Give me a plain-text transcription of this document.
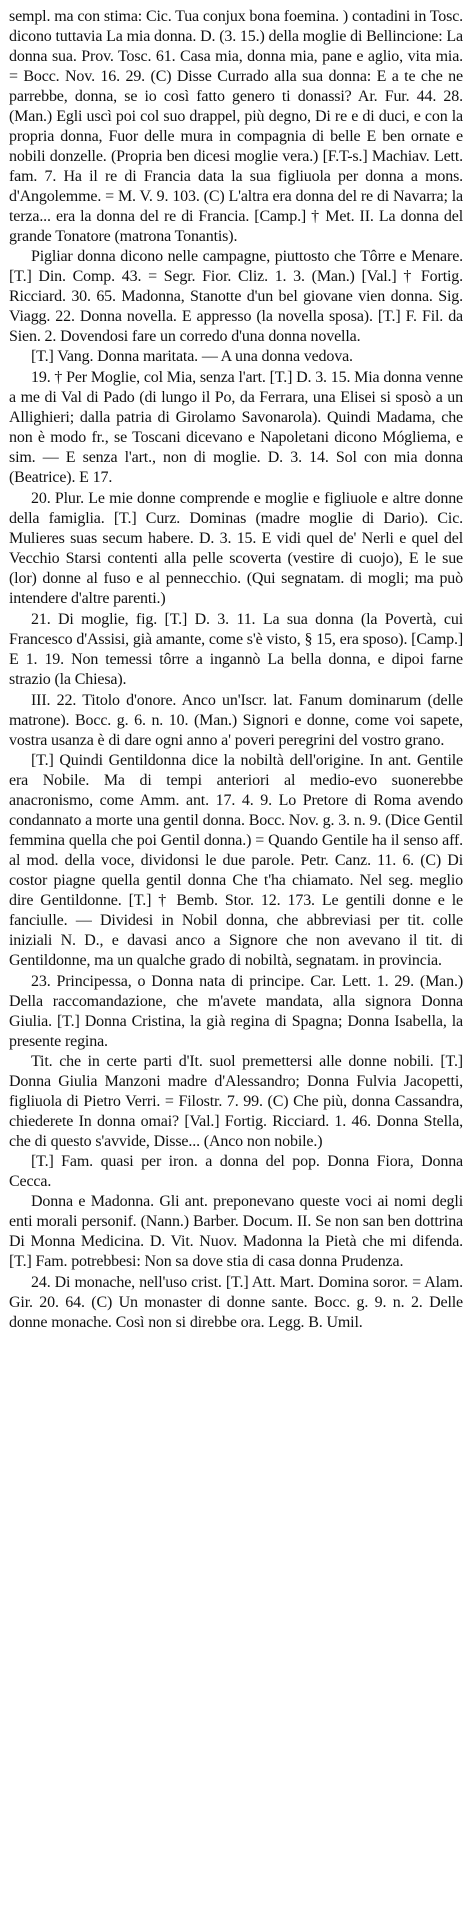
sempl. ma con stima: Cic. Tua conjux bona foemina. ) contadini in Tosc. dicono tuttavia La mia donna. D. (3. 15.) della moglie di Bellincione: La donna sua. Prov. Tosc. 61. Casa mia, donna mia, pane e aglio, vita mia. = Bocc. Nov. 16. 29. (C) Disse Currado alla sua donna: E a te che ne parrebbe, donna, se io così fatto genero ti donassi? Ar. Fur. 44. 28. (Man.) Egli uscì poi col suo drappel, più degno, Di re e di duci, e con la propria donna, Fuor delle mura in compagnia di belle E ben ornate e nobili donzelle. (Propria ben dicesi moglie vera.) [F.T-s.] Machiav. Lett. fam. 7. Ha il re di Francia data la sua figliuola per donna a mons. d'Angolemme. = M. V. 9. 103. (C) L'altra era donna del re di Navarra; la terza... era la donna del re di Francia. [Camp.] † Met. II. La donna del grande Tonatore (matrona Tonantis).

Pigliar donna dicono nelle campagne, piuttosto che Tôrre e Menare. [T.] Din. Comp. 43. = Segr. Fior. Cliz. 1. 3. (Man.) [Val.] † Fortig. Ricciard. 30. 65. Madonna, Stanotte d'un bel giovane vien donna. Sig. Viagg. 22. Donna novella. E appresso (la novella sposa). [T.] F. Fil. da Sien. 2. Dovendosi fare un corredo d'una donna novella.

[T.] Vang. Donna maritata. — A una donna vedova.

19. † Per Moglie, col Mia, senza l'art. [T.] D. 3. 15. Mia donna venne a me di Val di Pado (di lungo il Po, da Ferrara, una Elisei si sposò a un Allighieri; dalla patria di Girolamo Savonarola). Quindi Madama, che non è modo fr., se Toscani dicevano e Napoletani dicono Mógliema, e sim. — E senza l'art., non di moglie. D. 3. 14. Sol con mia donna (Beatrice). E 17.

20. Plur. Le mie donne comprende e moglie e figliuole e altre donne della famiglia. [T.] Curz. Dominas (madre moglie di Dario). Cic. Mulieres suas secum habere. D. 3. 15. E vidi quel de' Nerli e quel del Vecchio Starsi contenti alla pelle scoverta (vestire di cuojo), E le sue (lor) donne al fuso e al pennecchio. (Qui segnatam. di mogli; ma può intendere d'altre parenti.)

21. Di moglie, fig. [T.] D. 3. 11. La sua donna (la Povertà, cui Francesco d'Assisi, già amante, come s'è visto, § 15, era sposo). [Camp.] E 1. 19. Non temessi tôrre a ingannò La bella donna, e dipoi farne strazio (la Chiesa).

III. 22. Titolo d'onore. Anco un'Iscr. lat. Fanum dominarum (delle matrone). Bocc. g. 6. n. 10. (Man.) Signori e donne, come voi sapete, vostra usanza è di dare ogni anno a' poveri peregrini del vostro grano.

[T.] Quindi Gentildonna dice la nobiltà dell'origine. In ant. Gentile era Nobile. Ma di tempi anteriori al medio-evo suonerebbe anacronismo, come Amm. ant. 17. 4. 9. Lo Pretore di Roma avendo condannato a morte una gentil donna. Bocc. Nov. g. 3. n. 9. (Dice Gentil femmina quella che poi Gentil donna.) = Quando Gentile ha il senso aff. al mod. della voce, dividonsi le due parole. Petr. Canz. 11. 6. (C) Di costor piagne quella gentil donna Che t'ha chiamato. Nel seg. meglio dire Gentildonne. [T.] † Bemb. Stor. 12. 173. Le gentili donne e le fanciulle. — Dividesi in Nobil donna, che abbreviasi per tit. colle iniziali N. D., e davasi anco a Signore che non avevano il tit. di Gentildonne, ma un qualche grado di nobiltà, segnatam. in provincia.

23. Principessa, o Donna nata di principe. Car. Lett. 1. 29. (Man.) Della raccomandazione, che m'avete mandata, alla signora Donna Giulia. [T.] Donna Cristina, la già regina di Spagna; Donna Isabella, la presente regina.

Tit. che in certe parti d'It. suol premettersi alle donne nobili. [T.] Donna Giulia Manzoni madre d'Alessandro; Donna Fulvia Jacopetti, figliuola di Pietro Verri. = Filostr. 7. 99. (C) Che più, donna Cassandra, chiederete In donna omai? [Val.] Fortig. Ricciard. 1. 46. Donna Stella, che di questo s'avvide, Disse... (Anco non nobile.)

[T.] Fam. quasi per iron. a donna del pop. Donna Fiora, Donna Cecca.

Donna e Madonna. Gli ant. preponevano queste voci ai nomi degli enti morali personif. (Nann.) Barber. Docum. II. Se non san ben dottrina Di Monna Medicina. D. Vit. Nuov. Madonna la Pietà che mi difenda. [T.] Fam. potrebbesi: Non sa dove stia di casa donna Prudenza.

24. Di monache, nell'uso crist. [T.] Att. Mart. Domina soror. = Alam. Gir. 20. 64. (C) Un monaster di donne sante. Bocc. g. 9. n. 2. Delle donne monache. Così non si direbbe ora. Legg. B. Umil.
